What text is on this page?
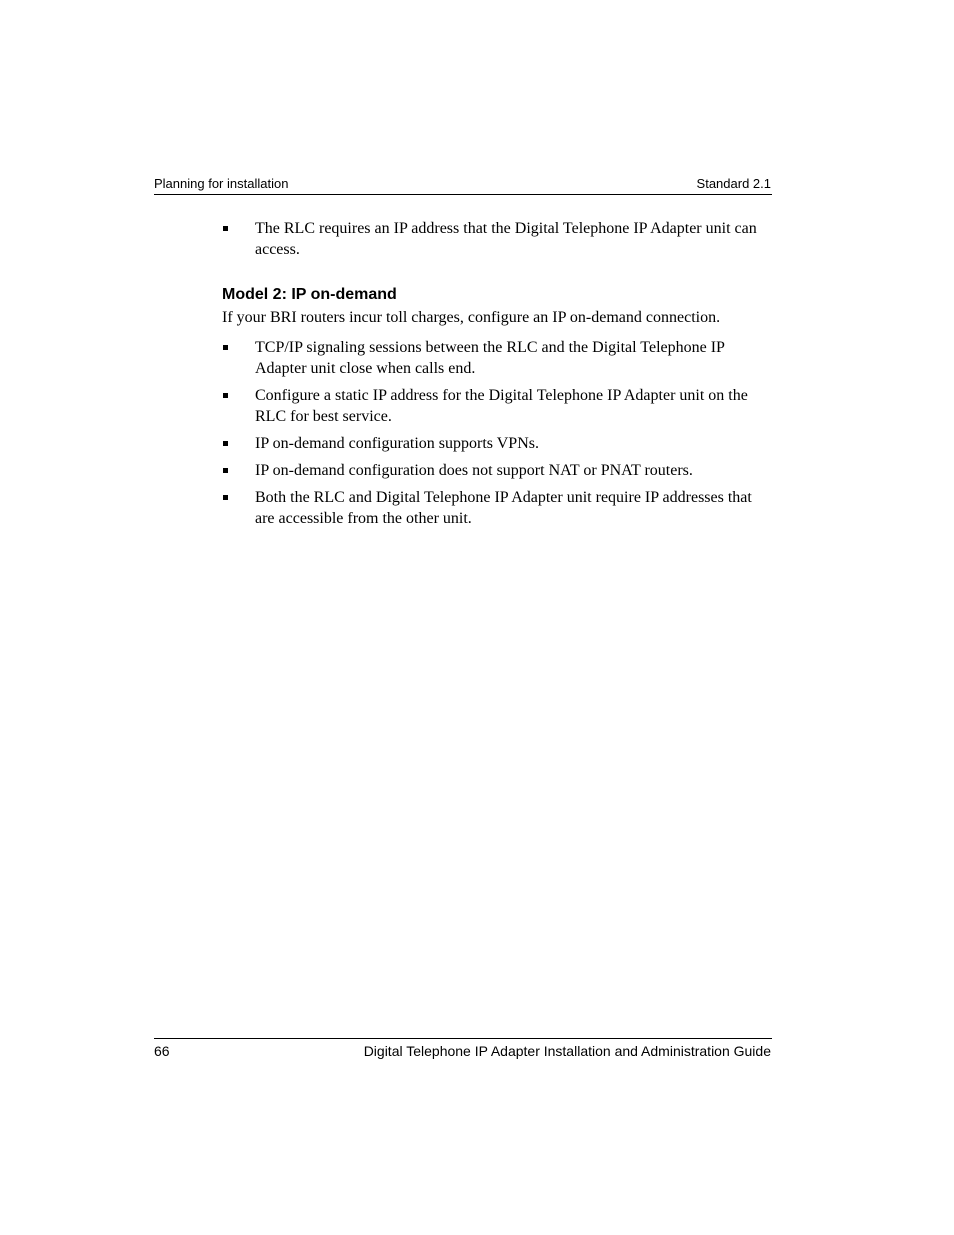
Planning for installation	Standard 2.1
The RLC requires an IP address that the Digital Telephone IP Adapter unit can access.
Model 2: IP on-demand
If your BRI routers incur toll charges, configure an IP on-demand connection.
TCP/IP signaling sessions between the RLC and the Digital Telephone IP Adapter unit close when calls end.
Configure a static IP address for the Digital Telephone IP Adapter unit on the RLC for best service.
IP on-demand configuration supports VPNs.
IP on-demand configuration does not support NAT or PNAT routers.
Both the RLC and Digital Telephone IP Adapter unit require IP addresses that are accessible from the other unit.
66	Digital Telephone IP Adapter Installation and Administration Guide
